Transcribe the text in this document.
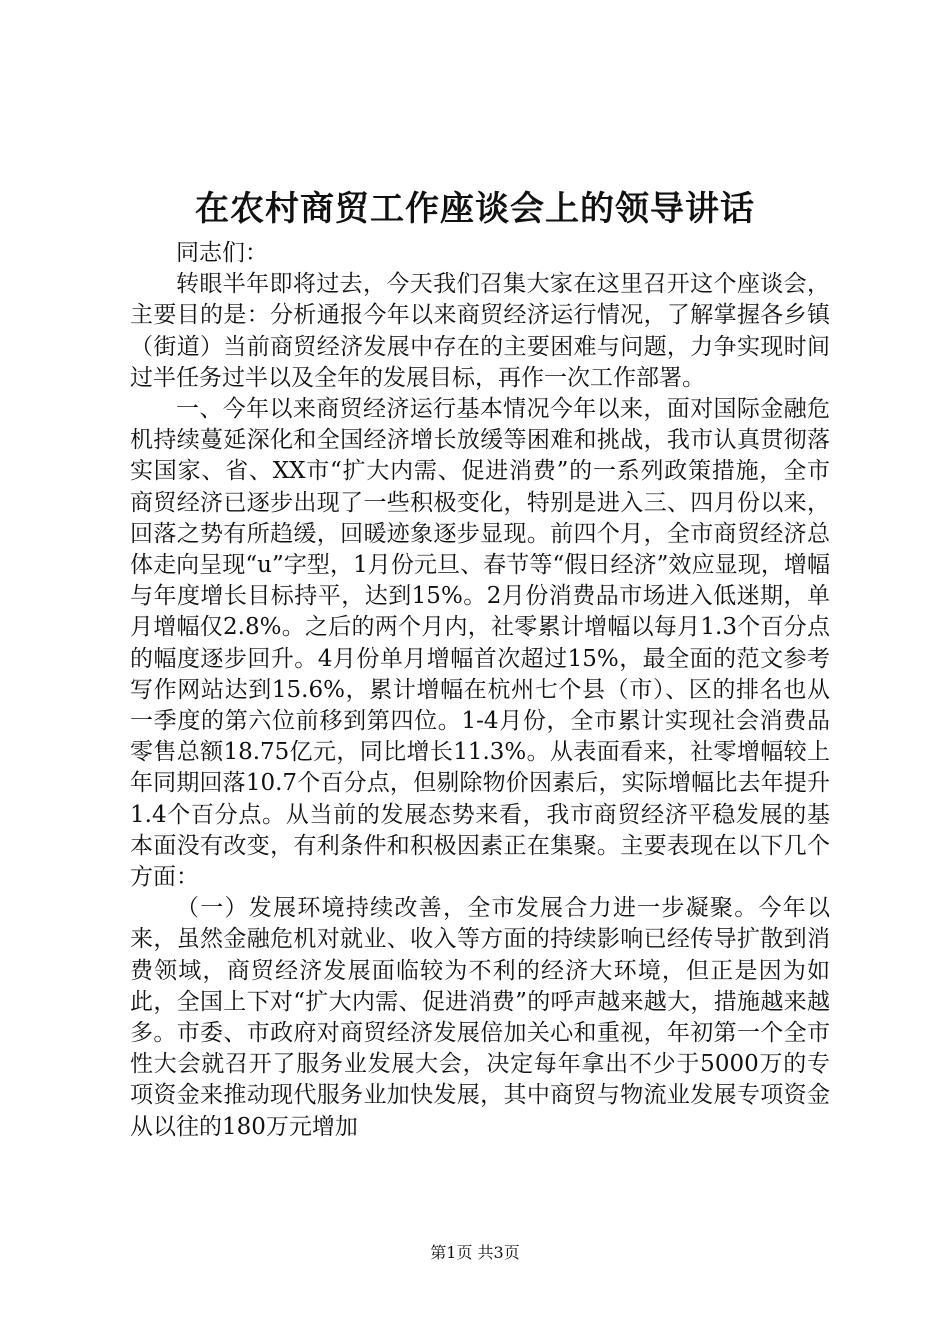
在农村商贸工作座谈会上的领导讲话

同志们：

转眼半年即将过去，今天我们召集大家在这里召开这个座谈会，主要目的是：分析通报今年以来商贸经济运行情况，了解掌握各乡镇（街道）当前商贸经济发展中存在的主要困难与问题，力争实现时间过半任务过半以及全年的发展目标，再作一次工作部署。

一、今年以来商贸经济运行基本情况今年以来，面对国际金融危机持续蔓延深化和全国经济增长放缓等困难和挑战，我市认真贯彻落实国家、省、XX市“扩大内需、促进消费”的一系列政策措施，全市商贸经济已逐步出现了一些积极变化，特别是进入三、四月份以来，回落之势有所趋缓，回暖迹象逐步显现。前四个月，全市商贸经济总体走向呈现“u”字型，1月份元旦、春节等“假日经济”效应显现，增幅与年度增长目标持平，达到15%。2月份消费品市场进入低迷期，单月增幅仅2.8%。之后的两个月内，社零累计增幅以每月1.3个百分点的幅度逐步回升。4月份单月增幅首次超过15%，最全面的范文参考写作网站达到15.6%，累计增幅在杭州七个县（市）、区的排名也从一季度的第六位前移到第四位。1-4月份，全市累计实现社会消费品零售总额18.75亿元，同比增长11.3%。从表面看来，社零增幅较上年同期回落10.7个百分点，但剔除物价因素后，实际增幅比去年提升1.4个百分点。从当前的发展态势来看，我市商贸经济平稳发展的基本面没有改变，有利条件和积极因素正在集聚。主要表现在以下几个方面：

（一）发展环境持续改善，全市发展合力进一步凝聚。今年以来，虽然金融危机对就业、收入等方面的持续影响已经传导扩散到消费领域，商贸经济发展面临较为不利的经济大环境，但正是因为如此，全国上下对“扩大内需、促进消费”的呼声越来越大，措施越来越多。市委、市政府对商贸经济发展倍加关心和重视，年初第一个全市性大会就召开了服务业发展大会，决定每年拿出不少于5000万的专项资金来推动现代服务业加快发展，其中商贸与物流业发展专项资金从以往的180万元增加

第1页 共3页
